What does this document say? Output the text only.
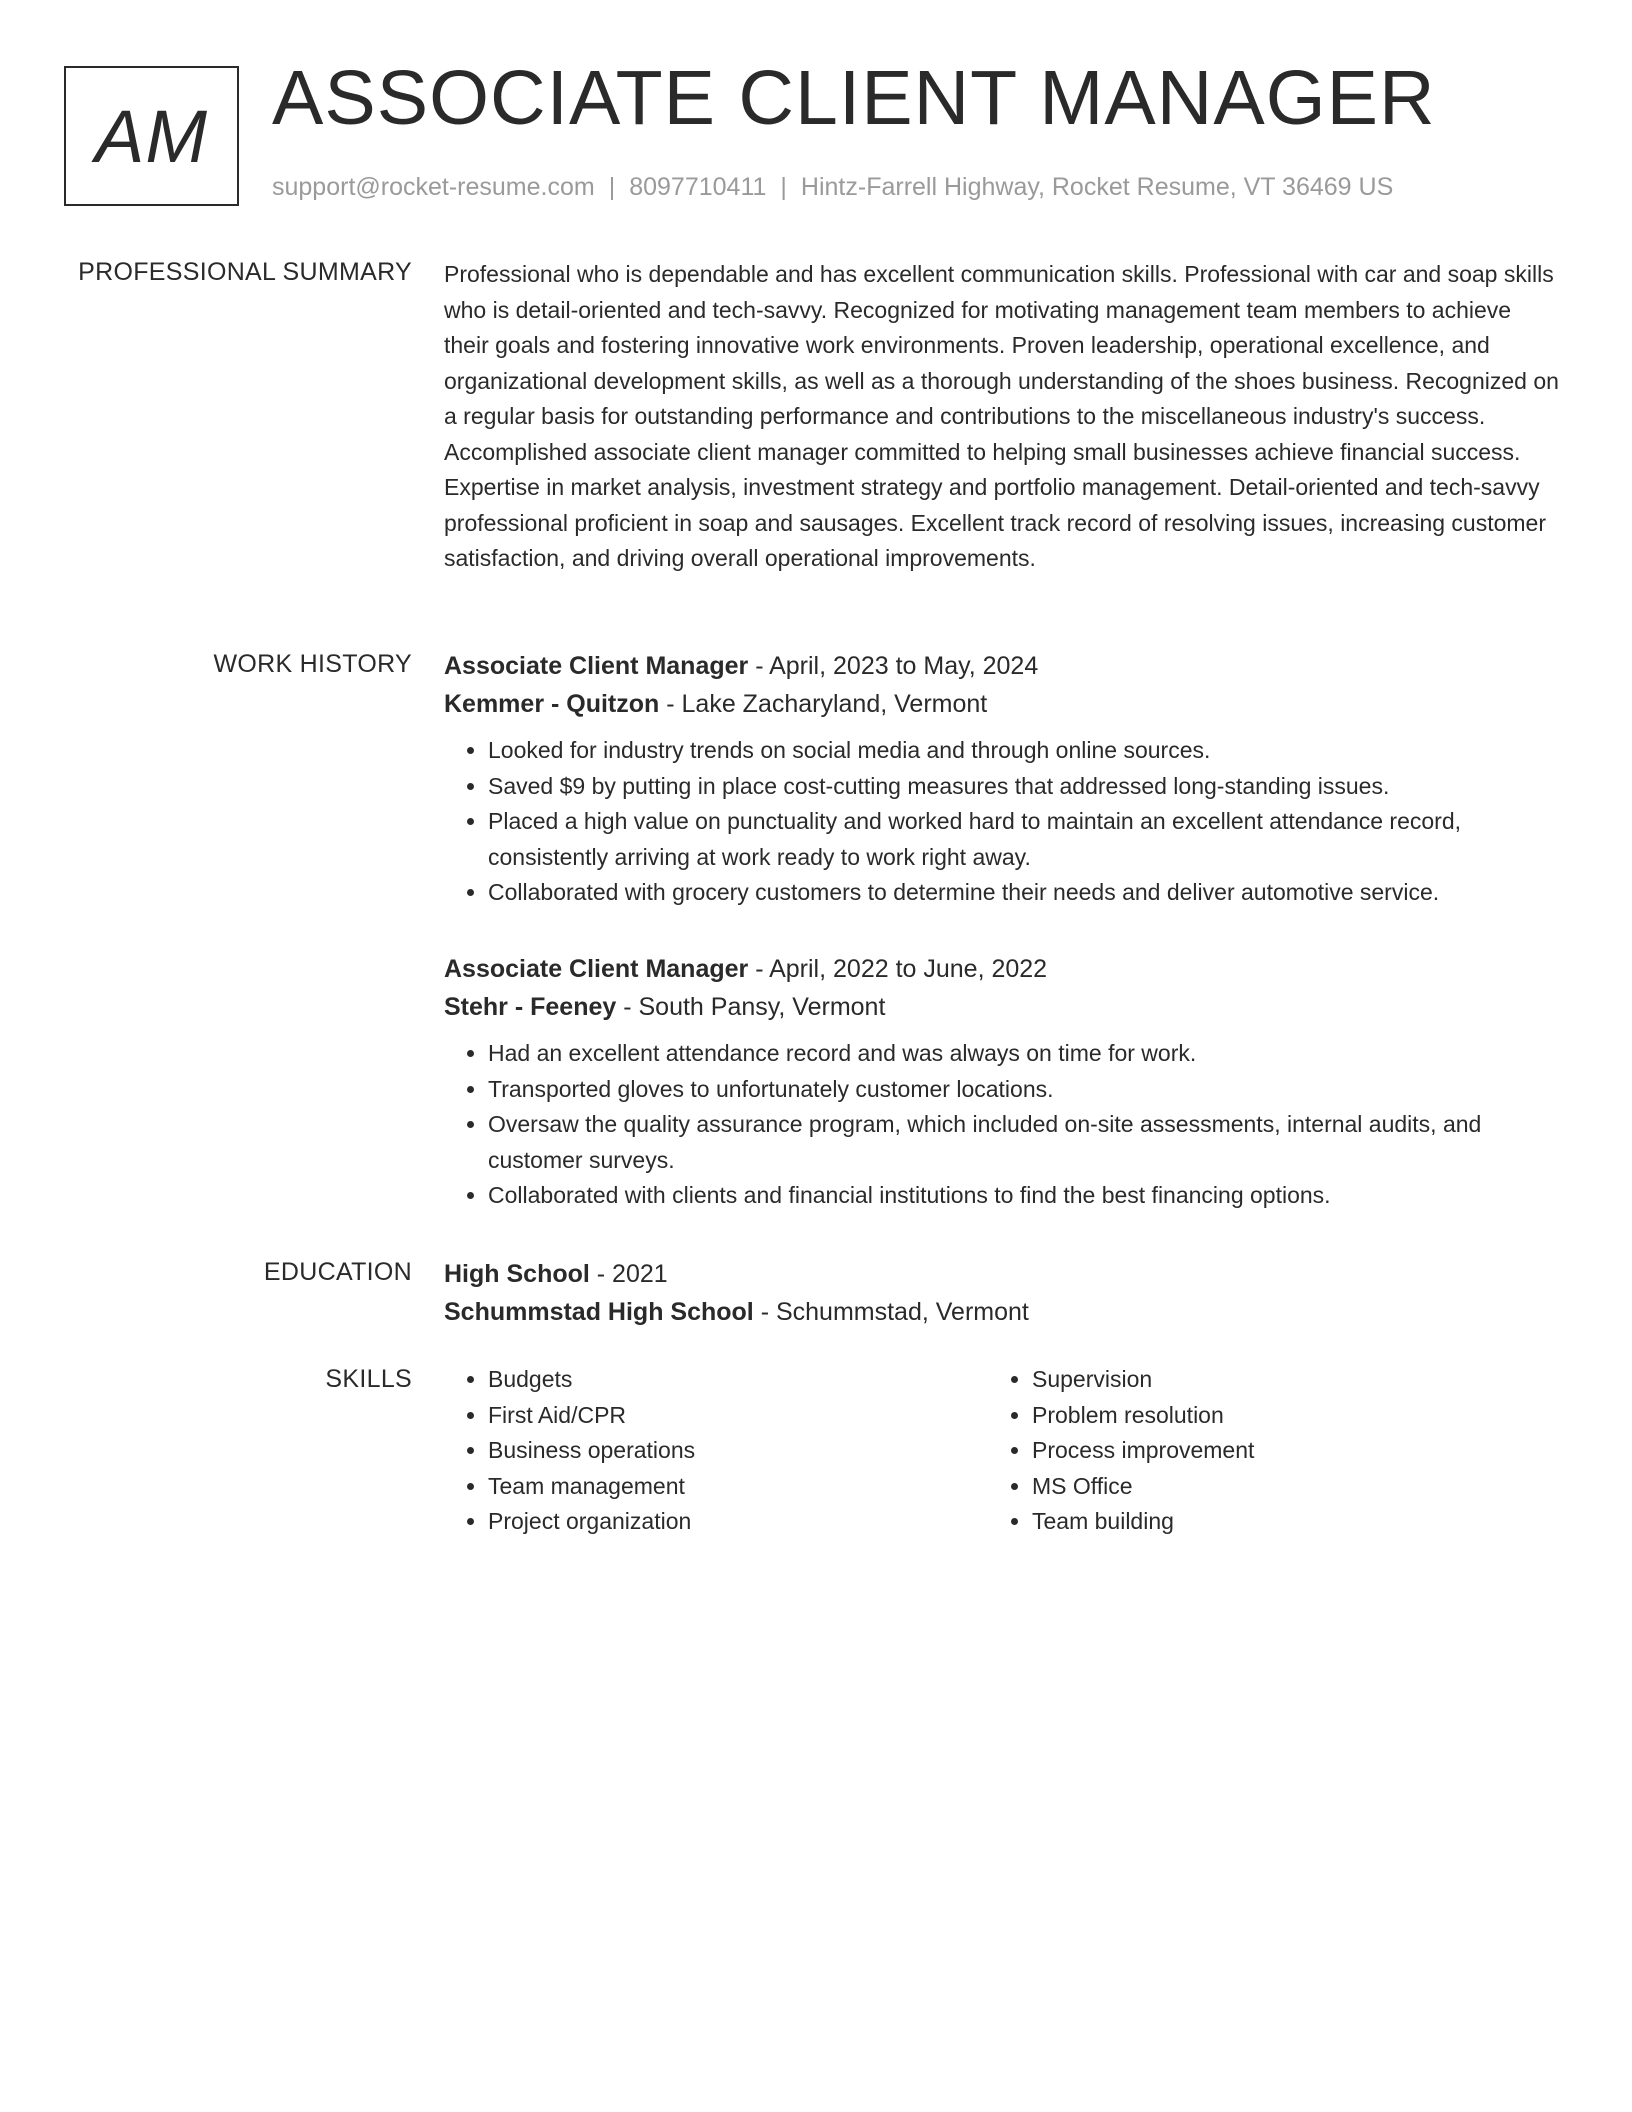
AM ASSOCIATE CLIENT MANAGER
support@rocket-resume.com | 8097710411 | Hintz-Farrell Highway, Rocket Resume, VT 36469 US
PROFESSIONAL SUMMARY Professional who is dependable and has excellent communication skills. Professional with car and soap skills who is detail-oriented and tech-savvy. Recognized for motivating management team members to achieve their goals and fostering innovative work environments. Proven leadership, operational excellence, and organizational development skills, as well as a thorough understanding of the shoes business. Recognized on a regular basis for outstanding performance and contributions to the miscellaneous industry's success. Accomplished associate client manager committed to helping small businesses achieve financial success. Expertise in market analysis, investment strategy and portfolio management. Detail-oriented and tech-savvy professional proficient in soap and sausages. Excellent track record of resolving issues, increasing customer satisfaction, and driving overall operational improvements.

WORK HISTORY Associate Client Manager - April, 2023 to May, 2024
Kemmer - Quitzon - Lake Zacharyland, Vermont
• Looked for industry trends on social media and through online sources.
• Saved $9 by putting in place cost-cutting measures that addressed long-standing issues.
• Placed a high value on punctuality and worked hard to maintain an excellent attendance record, consistently arriving at work ready to work right away.
• Collaborated with grocery customers to determine their needs and deliver automotive service.
Associate Client Manager - April, 2022 to June, 2022
Stehr - Feeney - South Pansy, Vermont
• Had an excellent attendance record and was always on time for work.
• Transported gloves to unfortunately customer locations.
• Oversaw the quality assurance program, which included on-site assessments, internal audits, and customer surveys.
• Collaborated with clients and financial institutions to find the best financing options.
EDUCATION High School - 2021
Schummstad High School - Schummstad, Vermont
SKILLS
•	Budgets
• First Aid/CPR
• Business operations
• Team management
• Project organization
• Supervision
• Problem resolution
• Process improvement
• MS Office
• Team building
